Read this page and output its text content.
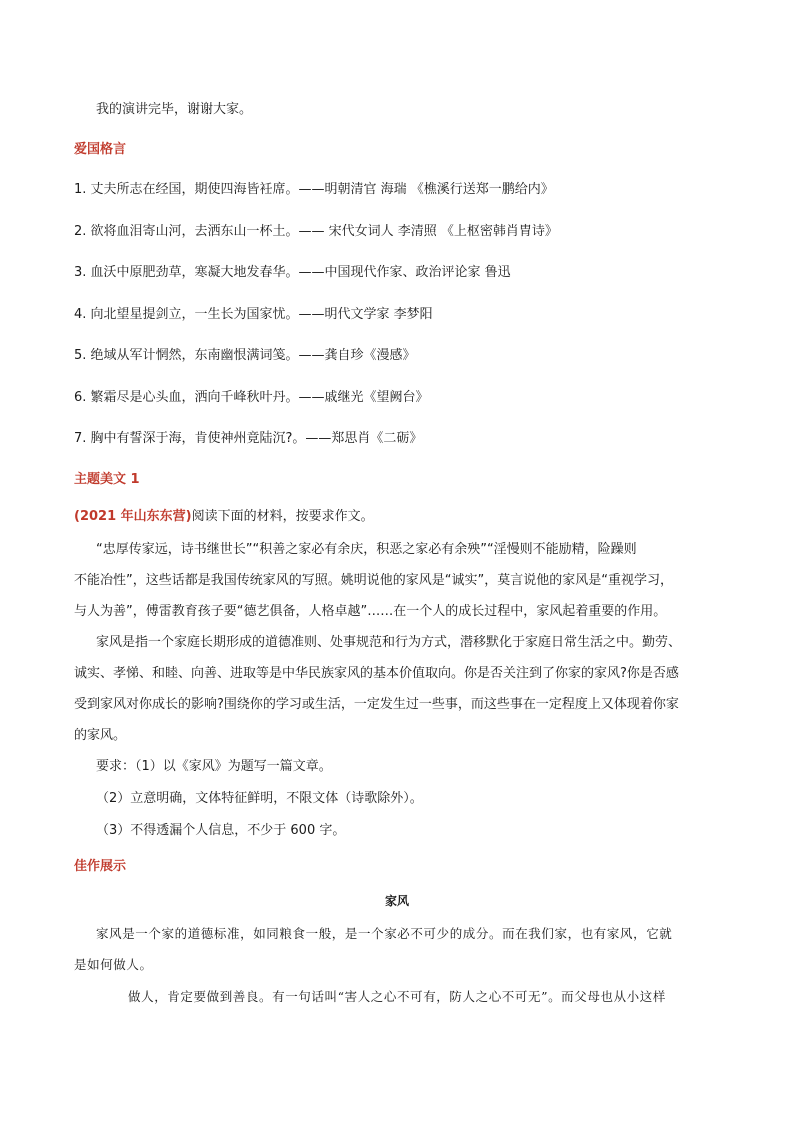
我的演讲完毕，谢谢大家。
爱国格言
1. 丈夫所志在经国，期使四海皆衽席。——明朝清官 海瑞 《樵溪行送郑一鹏给内》
2. 欲将血泪寄山河，去洒东山一杯土。—— 宋代女词人 李清照 《上枢密韩肖胄诗》
3. 血沃中原肥劲草，寒凝大地发春华。——中国现代作家、政治评论家 鲁迅
4. 向北望星提剑立，一生长为国家忧。——明代文学家 李梦阳
5. 绝域从军计惘然，东南幽恨满词笺。——龚自珍《漫感》
6. 繁霜尽是心头血，洒向千峰秋叶丹。——戚继光《望阙台》
7. 胸中有誓深于海，肯使神州竟陆沉?。——郑思肖《二砺》
主题美文 1
(2021 年山东东营)阅读下面的材料，按要求作文。
“忠厚传家远，诗书继世长”“积善之家必有余庆，积恶之家必有余殃”“淫慢则不能励精，险躁则
不能冶性”，这些话都是我国传统家风的写照。姚明说他的家风是“诚实”，莫言说他的家风是“重视学习，
与人为善”，傅雷教育孩子要“德艺俱备，人格卓越”……在一个人的成长过程中，家风起着重要的作用。
家风是指一个家庭长期形成的道德准则、处事规范和行为方式，潜移默化于家庭日常生活之中。勤劳、
诚实、孝悌、和睦、向善、进取等是中华民族家风的基本价值取向。你是否关注到了你家的家风?你是否感
受到家风对你成长的影响?围绕你的学习或生活，一定发生过一些事，而这些事在一定程度上又体现着你家
的家风。
要求：（1）以《家风》为题写一篇文章。
（2）立意明确，文体特征鲜明，不限文体（诗歌除外）。
（3）不得透漏个人信息，不少于 600 字。
佳作展示
家风
家风是一个家的道德标准，如同粮食一般，是一个家必不可少的成分。而在我们家，也有家风，它就
是如何做人。
做人，肯定要做到善良。有一句话叫“害人之心不可有，防人之心不可无”。而父母也从小这样
